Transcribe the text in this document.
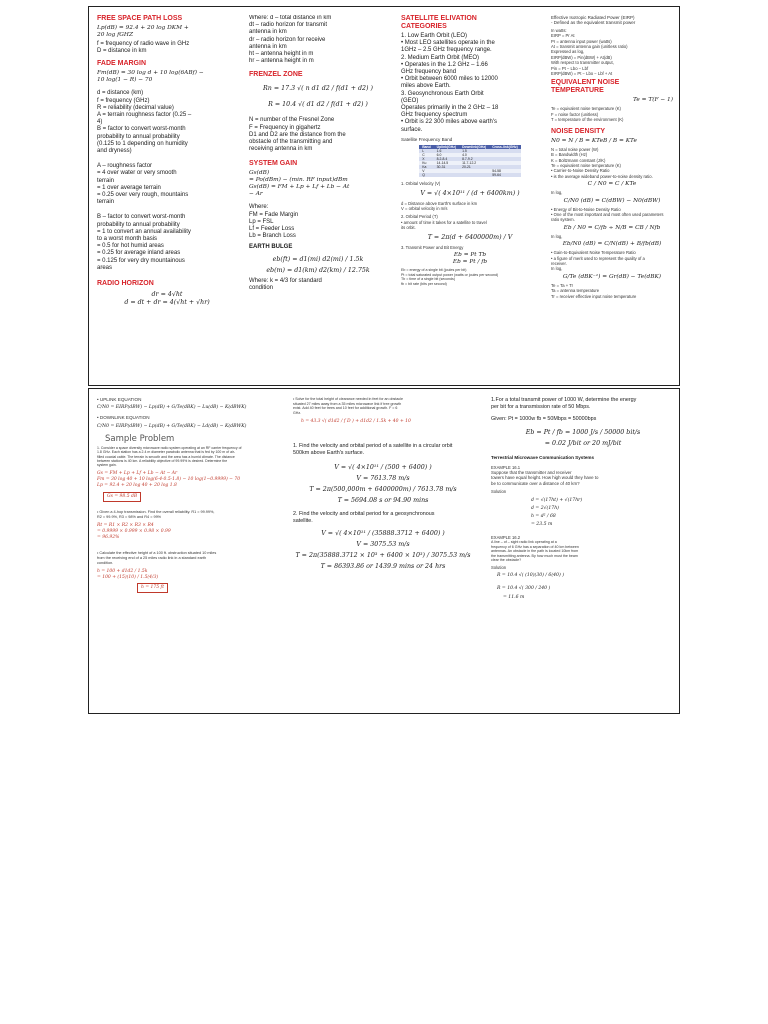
FREE SPACE PATH LOSS
Lp(dB) = 92.4 + 20 log DKM +
20 log fGHZ
f = frequency of radio wave in GHz
D = distance in km
FADE MARGIN
Fm(dB) = 30 log d + 10 log(6ABf) −
10 log(1 − R) − 70
d = distance (km)
f = frequency (GHz)
R = reliability (decimal value)
A = terrain roughness factor (0.25 –
4)
B = factor to convert worst-month
probability to annual probability
(0.125 to 1 depending on humidity
and dryness)
A – roughness factor
= 4 over water or very smooth
terrain
= 1 over average terrain
= 0.25 over very rough, mountains
terrain
B – factor to convert worst-month
probability to annual probability
= 1 to convert an annual availability
to a worst month basis
= 0.5 for hot humid areas
= 0.25 for average inland areas
= 0.125 for very dry mountainous
areas
RADIO HORIZON
dr = 4√ht
d = dt + dr = 4(√ht + √hr)
Where: d – total distance in km
dt – radio horizon for transmit
antenna in km
dr – radio horizon for receive
antenna in km
ht – antenna height in m
hr – antenna height in m
FRENZEL ZONE
Rn = 17.3 √( n d1 d2 / f(d1 + d2) )
R = 10.4 √( d1 d2 / f(d1 + d2) )
N = number of the Fresnel Zone
F = Frequency in gigahertz
D1 and D2 are the distance from the
obstacle of the transmitting and
receiving antenna in km
SYSTEM GAIN
Gs(dB)
= Po(dBm) − (min. RF input)dBm
Gs(dB) = FM + Lp + Lf + Lb − At
− Ar
Where:
FM = Fade Margin
Lp = FSL
Lf = Feeder Loss
Lb = Branch Loss
EARTH BULGE
eb(ft) = d1(mi) d2(mi) / 1.5k
eb(m) = d1(km) d2(km) / 12.75k
Where: k = 4/3 for standard
condition
SATELLITE ELIVATION
CATEGORIES
1. Low Earth Orbit (LEO)
• Most LEO satellites operate in the
1GHz – 2.5 GHz frequency range.
2. Medium Earth Orbit (MEO)
• Operates in the 1.2 GHz – 1.66
GHz frequency band
• Orbit between 6000 miles to 12000
miles above Earth.
3. Geosynchronous Earth Orbit
(GEO)
Operates primarily in the 2 GHz – 18
GHz frequency spectrum
• Orbit is 22 300 miles above earth's
surface.
Satellite Frequency Band
Band	Uplink(GHz)	Downlink(GHz)	Cross-link(GHz)
L	1.6	1.5	
C	6.0	4.0	
X	8.2-8.4	8.7-9.2	
Ku	14-14.5	11.7-12.2	
Ka	30-31	20-21	
V			54-58
Q			59-64
1. Orbital Velocity (V)
V = √( 4×10¹¹ / (d + 6400km) )
d = Distance above Earth's surface in km
V = orbital velocity in m/s
2. Orbital Period (T)
• amount of time it takes for a satellite to travel
its orbit.
T = 2π(d + 6400000m) / V
3. Transmit Power and Bit Energy
Eb = Pt Tb
Eb = Pt / fb
Eb = energy of a single bit (joules per bit)
Pt = total saturated output power (watts or joules per second)
Tb = time of a single bit (seconds)
fb = bit rate (bits per second)
Effective Isotropic Radiated Power (EIRP)
- Defined as the equivalent transmit power
In watts:
EIRP = Pr At
Pr = antenna input power (watts)
At = transmit antenna gain (unitless ratio)
Expressed as log,
EIRP(dBW) = Pin(dBW) + At(dB)
With respect to transmitter output,
Pin = Pt − Lbo − Lbf
EIRP(dBW) = Pt − Lbo − Lbf + At
EQUIVALENT NOISE
TEMPERATURE
Te = T(F − 1)
Te = equivalent noise temperature (K)
F = noise factor (unitless)
T = temperature of the environment (K)
NOISE DENSITY
N0 = N / B = KTeB / B = KTe
N = total noise power (W)
B = Bandwidth (Hz)
K = Boltzmann constant (J/K)
Te = equivalent noise temperature (K)
• Carrier-to-Noise Density Ratio
• is the average wideband power-to-noise density ratio.
C / N0 = C / KTe
In log,
C/N0 (dB) = C(dBW) − N0(dBW)
• Energy of Bit-to-Noise Density Ratio
• One of the most important and most often used parameters
ratio system.
Eb / N0 = C/fb ÷ N/B = CB / Nfb
In log,
Eb/N0 (dB) = C/N(dB) + B/fb(dB)
• Gain-to-Equivalent Noise Temperature Ratio
• a figure of merit used to represent the quality of a
receiver.
In log,
G/Te (dBK⁻¹) = Gr(dB) − Te(dBK)
Te = Ta + Tr
Ta = antenna temperature
Tr = receiver effective input noise temperature
• UPLINK EQUATION
C/N0 = EIRP(dBW) − Lp(dB) + G/Te(dBK) − Lu(dB) − K(dBWK)
• DOWNLINK EQUATION
C/N0 = EIRP(dBW) − Lp(dB) + G/Te(dBK) − Ld(dB) − K(dBWK)
Sample Problem
1. Consider a space diversity microwave radio system operating at an RF carrier frequency of
1.8 GHz. Each station has a 2.4 m diameter parabolic antenna that is fed by 100 m of air-
filled coaxial cable. The terrain is smooth and the area has a humid climate. The distance
between stations is 40 km. A reliability objective of 99.99% is desired. Determine the
system gain.
Gs = FM + Lp + Lf + Lb − At − Ar
Fm = 30 log 40 + 10 log(6·4·0.5·1.8) − 10 log(1−0.9999) − 70
Lp = 92.4 + 20 log 40 + 20 log 1.8
Gs = 98.5 dB
• Given a 4-hop transmission. Find the overall reliability. R1 = 99.99%,
R2 = 99.9%, R3 = 98% and R4 = 99%
Rt = R1 × R2 × R3 × R4
= 0.9999 × 0.999 × 0.98 × 0.99
= 96.92%
• Calculate the effective height of a 100 ft. obstruction situated 10 miles
from the receiving end of a 25 miles radio link in a standard earth
condition.
h = 100 + d1d2 / 1.5k
= 100 + (15)(10) / 1.5(4/3)
h = 175 ft
• Solve for the total height of clearance needed in feet for an obstacle
situated 27 miles away from a 35 miles microwave link if tree growth
exist. Add 40 feet for trees and 10 feet for additional growth. F = 6
GHz.
h = 43.3 √( d1d2 / f D ) + d1d2 / 1.5k + 40 + 10
1. Find the velocity and orbital period of a satellite in a circular orbit
500km above Earth's surface.
V = √( 4×10¹¹ / (500 + 6400) )
V = 7613.78 m/s
T = 2π(500,000m + 6400000m) / 7613.78 m/s
T = 5694.08 s or 94.90 mins
2. Find the velocity and orbital period for a geosynchronous
satellite.
V = √( 4×10¹¹ / (35888.3712 + 6400) )
V = 3075.53 m/s
T = 2π(35888.3712 × 10³ + 6400 × 10³) / 3075.53 m/s
T = 86393.86 or 1439.9 mins or 24 hrs
1.For a total transmit power of 1000 W, determine the energy
per bit for a transmission rate of 50 Mbps.
Given: Pt = 1000w fb = 50Mbps = 50000bps
Eb = Pt / fb = 1000 J/s / 50000 bit/s
= 0.02 J/bit or 20 mJ/bit
Terrestrial Microwave Communication Systems
EXAMPLE 16.1
Suppose that the transmitter and receiver
towers have equal height. How high would they have to
be to communicate over a distance of 40 km?
Solution
d = √(17ht) + √(17hr)
d = 2√(17h)
h = d² / 68
= 23.5 m
EXAMPLE 16.2
A line – of – sight radio link operating at a
frequency of 6 GHz has a separation of 40 km between
antennas. An obstacle in the path is located 10km from
the transmitting antenna. By how much must the beam
clear the obstacle?
Solution
R = 10.4 √( (10)(30) / 6(40) )
R = 10.4 √( 300 / 240 )
= 11.6 m
